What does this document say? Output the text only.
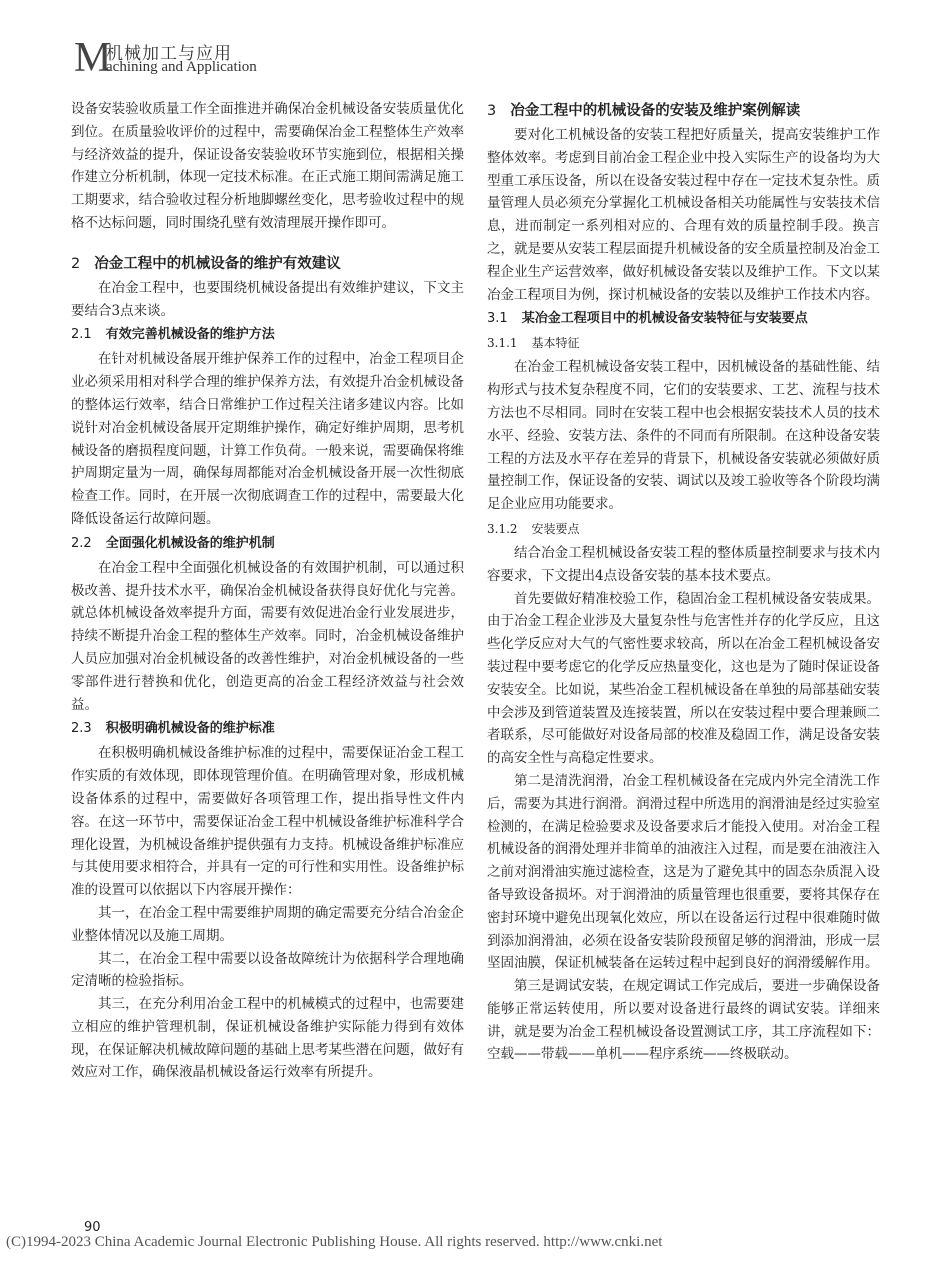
M
机械加工与应用
achining and Application

设备安装验收质量工作全面推进并确保冶金机械设备安装质量优化到位。在质量验收评价的过程中，需要确保冶金工程整体生产效率与经济效益的提升，保证设备安装验收环节实施到位，根据相关操作建立分析机制，体现一定技术标准。在正式施工期间需满足施工工期要求，结合验收过程分析地脚螺丝变化，思考验收过程中的规格不达标问题，同时围绕孔壁有效清理展开操作即可。

2 冶金工程中的机械设备的维护有效建议

在冶金工程中，也要围绕机械设备提出有效维护建议，下文主要结合3点来谈。

2.1 有效完善机械设备的维护方法

在针对机械设备展开维护保养工作的过程中，冶金工程项目企业必须采用相对科学合理的维护保养方法，有效提升冶金机械设备的整体运行效率，结合日常维护工作过程关注诸多建议内容。比如说针对冶金机械设备展开定期维护操作，确定好维护周期，思考机械设备的磨损程度问题，计算工作负荷。一般来说，需要确保将维护周期定量为一周，确保每周都能对冶金机械设备开展一次性彻底检查工作。同时，在开展一次彻底调查工作的过程中，需要最大化降低设备运行故障问题。

2.2 全面强化机械设备的维护机制

在冶金工程中全面强化机械设备的有效围护机制，可以通过积极改善、提升技术水平，确保冶金机械设备获得良好优化与完善。就总体机械设备效率提升方面，需要有效促进冶金行业发展进步，持续不断提升冶金工程的整体生产效率。同时，冶金机械设备维护人员应加强对冶金机械设备的改善性维护，对冶金机械设备的一些零部件进行替换和优化，创造更高的冶金工程经济效益与社会效益。

2.3 积极明确机械设备的维护标准

在积极明确机械设备维护标准的过程中，需要保证冶金工程工作实质的有效体现，即体现管理价值。在明确管理对象，形成机械设备体系的过程中，需要做好各项管理工作，提出指导性文件内容。在这一环节中，需要保证冶金工程中机械设备维护标准科学合理化设置，为机械设备维护提供强有力支持。机械设备维护标准应与其使用要求相符合，并具有一定的可行性和实用性。设备维护标准的设置可以依据以下内容展开操作：

其一，在冶金工程中需要维护周期的确定需要充分结合冶金企业整体情况以及施工周期。

其二，在冶金工程中需要以设备故障统计为依据科学合理地确定清晰的检验指标。

其三，在充分利用冶金工程中的机械模式的过程中，也需要建立相应的维护管理机制，保证机械设备维护实际能力得到有效体现，在保证解决机械故障问题的基础上思考某些潜在问题，做好有效应对工作，确保液晶机械设备运行效率有所提升。

3 冶金工程中的机械设备的安装及维护案例解读

要对化工机械设备的安装工程把好质量关，提高安装维护工作整体效率。考虑到目前冶金工程企业中投入实际生产的设备均为大型重工承压设备，所以在设备安装过程中存在一定技术复杂性。质量管理人员必须充分掌握化工机械设备相关功能属性与安装技术信息，进而制定一系列相对应的、合理有效的质量控制手段。换言之，就是要从安装工程层面提升机械设备的安全质量控制及冶金工程企业生产运营效率，做好机械设备安装以及维护工作。下文以某冶金工程项目为例，探讨机械设备的安装以及维护工作技术内容。

3.1 某冶金工程项目中的机械设备安装特征与安装要点
3.1.1 基本特征

在冶金工程机械设备安装工程中，因机械设备的基础性能、结构形式与技术复杂程度不同，它们的安装要求、工艺、流程与技术方法也不尽相同。同时在安装工程中也会根据安装技术人员的技术水平、经验、安装方法、条件的不同而有所限制。在这种设备安装工程的方法及水平存在差异的背景下，机械设备安装就必须做好质量控制工作，保证设备的安装、调试以及竣工验收等各个阶段均满足企业应用功能要求。

3.1.2 安装要点

结合冶金工程机械设备安装工程的整体质量控制要求与技术内容要求，下文提出4点设备安装的基本技术要点。

首先要做好精准校验工作，稳固冶金工程机械设备安装成果。由于冶金工程企业涉及大量复杂性与危害性并存的化学反应，且这些化学反应对大气的气密性要求较高，所以在冶金工程机械设备安装过程中要考虑它的化学反应热量变化，这也是为了随时保证设备安装安全。比如说，某些冶金工程机械设备在单独的局部基础安装中会涉及到管道装置及连接装置，所以在安装过程中要合理兼顾二者联系，尽可能做好对设备局部的校准及稳固工作，满足设备安装的高安全性与高稳定性要求。

第二是清洗润滑，冶金工程机械设备在完成内外完全清洗工作后，需要为其进行润滑。润滑过程中所选用的润滑油是经过实验室检测的，在满足检验要求及设备要求后才能投入使用。对冶金工程机械设备的润滑处理并非简单的油液注入过程，而是要在油液注入之前对润滑油实施过滤检查，这是为了避免其中的固态杂质混入设备导致设备损坏。对于润滑油的质量管理也很重要，要将其保存在密封环境中避免出现氧化效应，所以在设备运行过程中很难随时做到添加润滑油，必须在设备安装阶段预留足够的润滑油，形成一层坚固油膜，保证机械装备在运转过程中起到良好的润滑缓解作用。

第三是调试安装，在规定调试工作完成后，要进一步确保设备能够正常运转使用，所以要对设备进行最终的调试安装。详细来讲，就是要为冶金工程机械设备设置测试工序，其工序流程如下：空载——带载——单机——程序系统——终极联动。

90
(C)1994-2023 China Academic Journal Electronic Publishing House. All rights reserved. http://www.cnki.net
